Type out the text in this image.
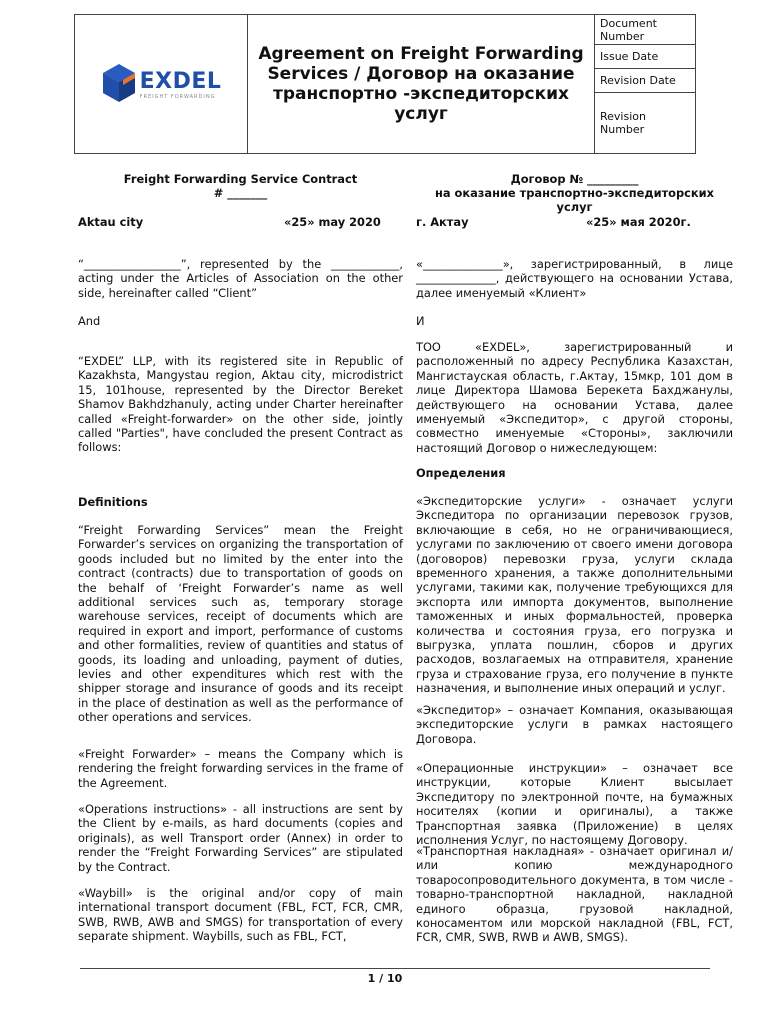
EXDEL
FREIGHT FORWARDING
Agreement on Freight Forwarding Services / Договор на оказание транспортно -экспедиторских услуг
Document Number
Issue Date
Revision Date
Revision Number
Freight Forwarding Service Contract
# _______
Aktau city	«25» may 2020
“_________________”, represented by the ____________, acting under the Articles of Association on the other side, hereinafter called “Client”
And
“EXDEL” LLP, with its registered site in Republic of Kazakhsta, Mangystau region, Aktau city, microdistrict 15, 101house, represented by the Director Bereket Shamov Bakhdzhanuly, acting under Charter hereinafter called «Freight-forwarder» on the other side, jointly called "Parties", have concluded the present Contract as follows:
Definitions
“Freight Forwarding Services” mean the Freight Forwarder’s services on organizing the transportation of goods included but no limited by the enter into the contract (contracts) due to transportation of goods on the behalf of ‘Freight Forwarder’s name as well additional services such as, temporary storage warehouse services, receipt of documents which are required in export and import, performance of customs and other formalities, review of quantities and status of goods, its loading and unloading, payment of duties, levies and other expenditures which rest with the shipper storage and insurance of goods and its receipt in the place of destination as well as the performance of other operations and services.
«Freight Forwarder» – means the Company which is rendering the freight forwarding services in the frame of the Agreement.
«Operations instructions» - all instructions are sent by the Client by e-mails, as hard documents (copies and originals), as well Transport order (Annex) in order to render the “Freight Forwarding Services” are stipulated by the Contract.
«Waybill» is the original and/or copy of main international transport document (FBL, FCT, FCR, CMR, SWB, RWB, AWB and SMGS) for transportation of every separate shipment. Waybills, such as FBL, FCT,
Договор № _________
на оказание транспортно-экспедиторских услуг
г. Актау	«25» мая 2020г.
«______________», зарегистрированный, в лице ______________, действующего на основании Устава, далее именуемый «Клиент»
И
ТОО «EXDEL», зарегистрированный и расположенный по адресу Республика Казахстан, Мангистауская область, г.Актау, 15мкр, 101 дом в лице Директора Шамова Берекета Бахджанулы, действующего на основании Устава, далее именуемый «Экспедитор», с другой стороны, совместно именуемые «Стороны», заключили настоящий Договор о нижеследующем:
Определения
«Экспедиторские услуги» - означает услуги Экспедитора по организации перевозок грузов, включающие в себя, но не ограничивающиеся, услугами по заключению от своего имени договора (договоров) перевозки груза, услуги склада временного хранения, а также дополнительными услугами, такими как, получение требующихся для экспорта или импорта документов, выполнение таможенных и иных формальностей, проверка количества и состояния груза, его погрузка и выгрузка, уплата пошлин, сборов и других расходов, возлагаемых на отправителя, хранение груза и страхование груза, его получение в пункте назначения, и выполнение иных операций и услуг.
«Экспедитор» – означает Компания, оказывающая экспедиторские услуги в рамках настоящего Договора.
«Операционные инструкции» – означает все инструкции, которые Клиент высылает Экспедитору по электронной почте, на бумажных носителях (копии и оригиналы), а также Транспортная заявка (Приложение) в целях исполнения Услуг, по настоящему Договору.
«Транспортная накладная» - означает оригинал и/или копию международного товаросопроводительного документа, в том числе - товарно-транспортной накладной, накладной единого образца, грузовой накладной, коносаментом или морской накладной (FBL, FCT, FCR, CMR, SWB, RWB и AWB, SMGS).
1 / 10
